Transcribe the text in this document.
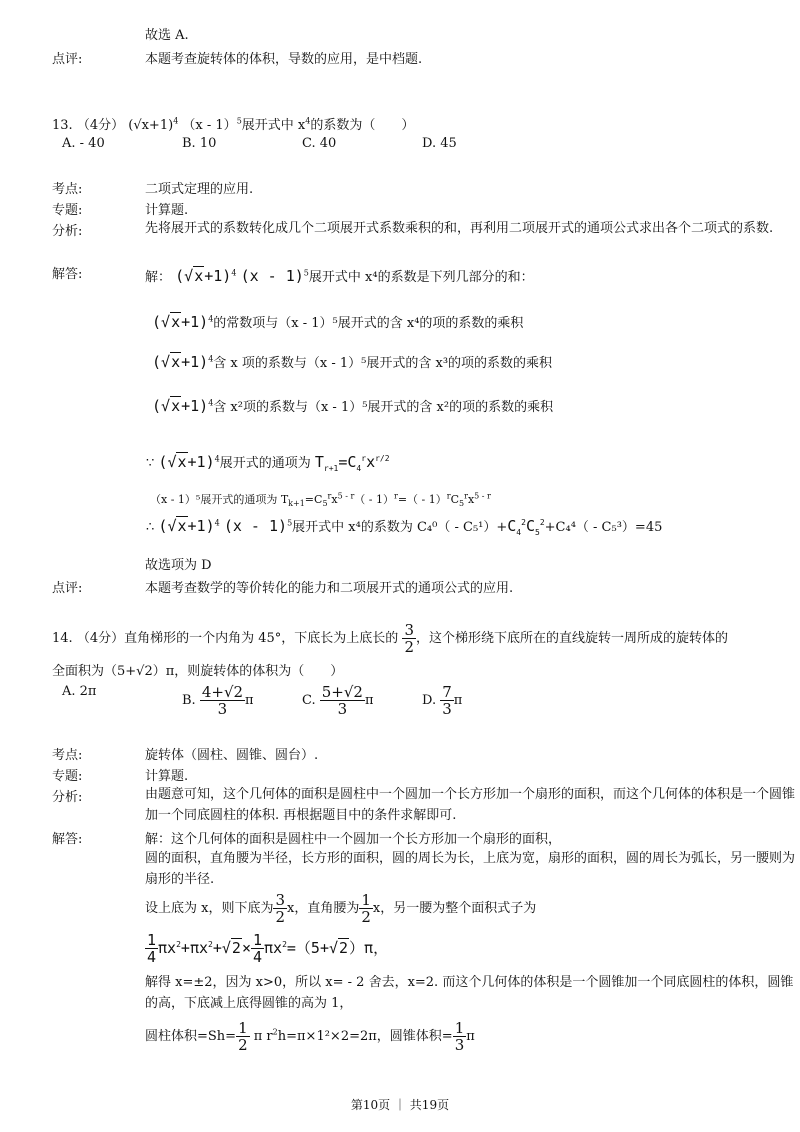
故选 A.
点评:	本题考查旋转体的体积，导数的应用，是中档题.
13. （4分） $(√x+1)^4$ （x - 1）$^5$展开式中 $x^4$的系数为（　　）
A. - 40	B. 10	C. 40	D. 45
考点:	二项式定理的应用.
专题:	计算题.
分析:	先将展开式的系数转化成几个二项展开式系数乘积的和，再利用二项展开式的通项公式求出各个二项式的系数.
解答:	解： $(√x+1)^4$ (x - 1)$^5$展开式中 x⁴的系数是下列几部分的和：
$(√x+1)^4$的常数项与（x - 1）⁵展开式的含 x⁴的项的系数的乘积
$(√x+1)^4$含 x 项的系数与（x - 1）⁵展开式的含 x³的项的系数的乘积
$(√x+1)^4$含 x²项的系数与（x - 1）⁵展开式的含 x²的项的系数的乘积
∵ $(√x+1)^4$展开式的通项为 $T_{r+1}=C_4^rx^{r/2}$
（x - 1）⁵展开式的通项为 $T_{k+1}=C_5^rx^{5 - r}( - 1)^r=( - 1)^rC_5^rx^{5 - r}$
∴ $(√x+1)^4$ (x - 1)$^5$展开式中 x⁴的系数为 $C_4^0( - C_5^1)+C_4^2C_5^2+C_4^4( - C_5^3)=45$
故选项为 D
点评:	本题考查数学的等价转化的能力和二项展开式的通项公式的应用.
14. （4分）直角梯形的一个内角为 45°，下底长为上底长的 $\frac{3}{2}$ ，这个梯形绕下底所在的直线旋转一周所成的旋转体的
全面积为（5+√2）π，则旋转体的体积为（　　）
A. 2π
B. $\frac{4+√2}{3}$ π	C. $\frac{5+√2}{3}$ π	D. $\frac{7}{3}$ π
考点:	旋转体（圆柱、圆锥、圆台）.
专题:	计算题.
分析:	由题意可知，这个几何体的面积是圆柱中一个圆加一个长方形加一个扇形的面积，而这个几何体的体积是一个圆锥加一个同底圆柱的体积. 再根据题目中的条件求解即可.
解答:	解：这个几何体的面积是圆柱中一个圆加一个长方形加一个扇形的面积，
圆的面积，直角腰为半径，长方形的面积，圆的周长为长，上底为宽，扇形的面积，圆的周长为弧长，另一腰则为扇形的半径.
设上底为 x，则下底为 $\frac{3}{2}$ x，直角腰为 $\frac{1}{2}$ x，另一腰为整个面积式子为
$\frac{1}{4} \pi x^2+\pi x^2+√2\times \frac{1}{4} \pi x^2=(5+√2)\pi$，
解得 x=±2，因为 x>0，所以 x= - 2 舍去，x=2. 而这个几何体的体积是一个圆锥加一个同底圆柱的体积，圆锥的高，下底减上底得圆锥的高为 1，
圆柱体积$=Sh= \frac{1}{2}$ π $r^2h=\pi\times 1^2\times 2=2\pi$，圆锥体积= $\frac{1}{3}$ π
第10页 ｜ 共19页
